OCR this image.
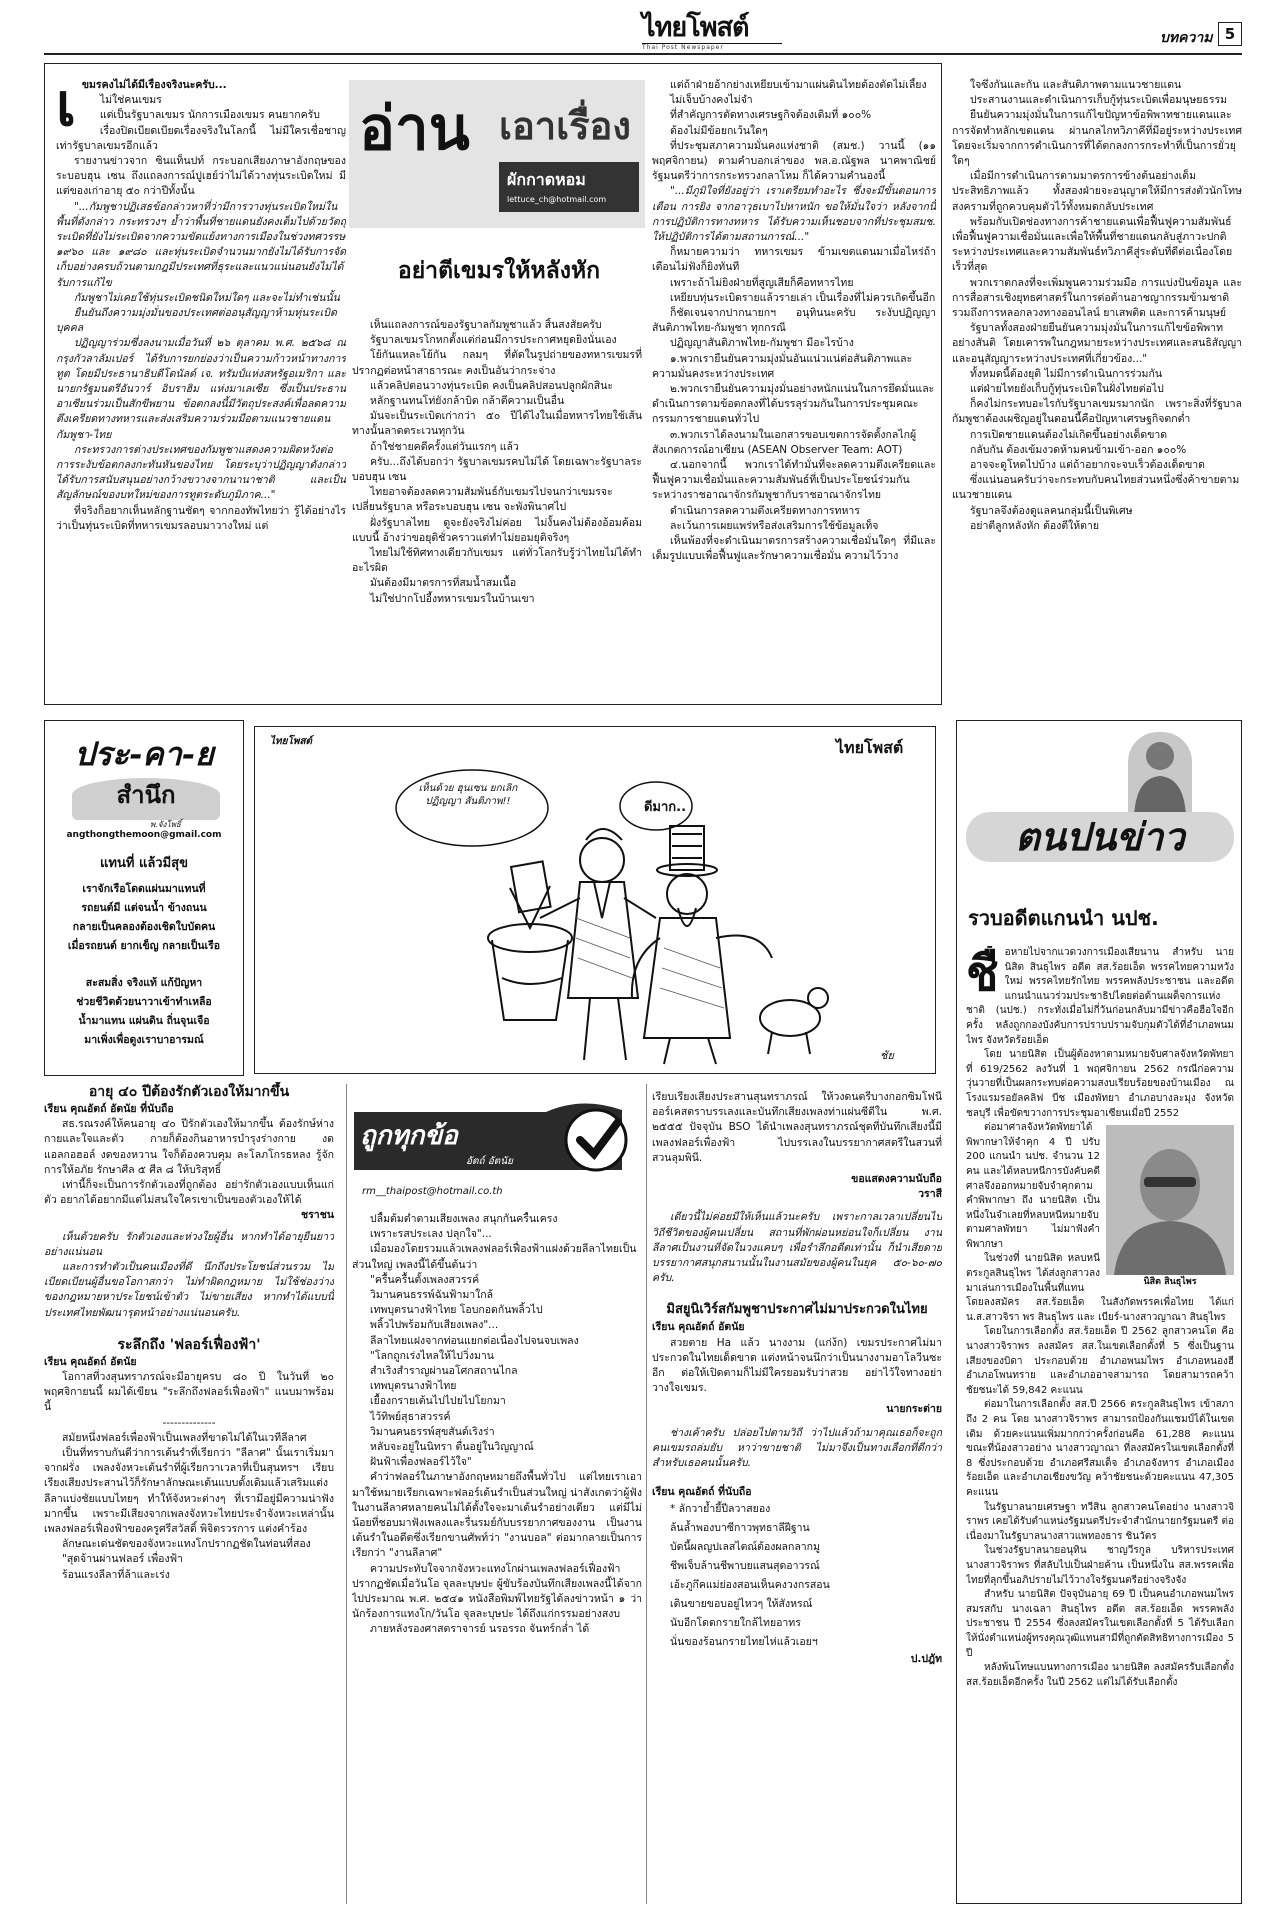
ไทยโพสต์
Thai Post Newspaper
บทความ 5
เ ขมรคงไม่ได้มีเรื่องจริงนะครับ...

ไม่ใช่คนเขมร

แต่เป็นรัฐบาลเขมร นักการเมืองเขมร คนยากครับ

เรื่องปิดเบียดเบียดเรื่องจริงในโลกนี้ ไม่มีใครเชื่อชาญเท่ารัฐบาลเขมรอีกแล้ว

รายงานข่าวจาก ซินแท็นปท์ กระบอกเสียงภาษาอังกฤษของระบอบฮุน เซน ถึงแถลงการณ์ปูเฮย์ว่าไม่ได้วางทุ่นระเบิดใหม่ มีแต่ของเก่าอายุ ๕๐ กว่าปีทั้งนั้น

"...กัมพูชาปฏิเสธข้อกล่าวหาที่ว่ามีการวางทุ่นระเบิดใหม่ในพื้นที่ดังกล่าว กระทรวงฯ ย้ำว่าพื้นที่ชายแดนยังคงเต็มไปด้วยวัตถุระเบิดที่ยังไม่ระเบิดจากความขัดแย้งทางการเมืองในช่วงทศวรรษ ๑๙๖๐ และ ๑๙๘๐ และทุ่นระเบิดจำนวนมากยังไม่ได้รับการจัดเก็บอย่างครบถ้วนตามกฎมีประเทศที่ธุระและแนวแน่นอนยังไม่ได้รับการแก้ไข

กัมพูชาไม่เคยใช้ทุ่นระเบิดชนิดใหม่ใดๆ และจะไม่ทำเช่นนั้น

ยืนยันถึงความมุ่งมั่นของประเทศต่ออนุสัญญาห้ามทุ่นระเบิดบุคคล

ปฏิญญาร่วมซึ่งลงนามเมื่อวันที่ ๒๖ ตุลาคม พ.ศ. ๒๕๖๘ ณ กรุงกัวลาลัมเปอร์ ได้รับการยกย่องว่าเป็นความก้าวหน้าทางการทูต โดยมีประธานาธิบดีโดนัลด์ เจ. ทรัมป์แห่งสหรัฐอเมริกา และนายกรัฐมนตรีอันวาร์ อิบราฮิม แห่งมาเลเซีย ซึ่งเป็นประธานอาเซียนร่วมเป็นสักขีพยาน ข้อตกลงนี้มีวัตถุประสงค์เพื่อลดความตึงเครียดทางทหารและส่งเสริมความร่วมมือตามแนวชายแดนกัมพูชา-ไทย

กระทรวงการต่างประเทศของกัมพูชาแสดงความผิดหวังต่อการระงับข้อตกลงกะทันหันของไทย โดยระบุว่าปฏิญญาดังกล่าวได้รับการสนับสนุนอย่างกว้างขวางจากนานาชาติ และเป็นสัญลักษณ์ของบทใหม่ของการทูตระดับภูมิภาค..."

ที่จริงก็อยากเห็นหลักฐานชัดๆ จากกองทัพไทยว่า รู้ได้อย่างไรว่าเป็นทุ่นระเบิดที่ทหารเขมรลอบมาวางใหม่ แต่

อ่าน เอาเรื่อง
ผักกาดหอม
lettuce_ch@hotmail.com
อย่าตีเขมรให้หลังหัก

เห็นแถลงการณ์ของรัฐบาลกัมพูชาแล้ว สิ้นสงสัยครับ

รัฐบาลเขมรโกหกตั้งแต่ก่อนมีการประกาศหยุดยิงนั่นเอง

โย้กันแหละโย้กัน กลมๆ ที่ตัดในรูปถ่ายของทหารเขมรที่ปรากฏต่อหน้าสาธารณะ คงเป็นอันว่ากระจ่าง

แล้วคลิปตอนวางทุ่นระเบิด คงเป็นคลิปสอนปลูกผักสินะ

หลักฐานทนโท่ยังกล้าบิด กล้าตีความเป็นอื่น

มันจะเป็นระเบิดเก่ากว่า ๕๐ ปีได้ไงในเมื่อทหารไทยใช้เส้นทางนั้นลาดตระเวนทุกวัน

ถ้าใช่ชายคดีครั้งแต่วันแรกๆ แล้ว

ครับ...ถึงได้บอกว่า รัฐบาลเขมรคบไม่ได้ โดยเฉพาะรัฐบาลระบอบฮุน เซน

ไทยอาจต้องลดความสัมพันธ์กับเขมรไปจนกว่าเขมรจะเปลี่ยนรัฐบาล หรือระบอบฮุน เซน จะพังพินาศไป

ฝั่งรัฐบาลไทย ดูจะยังจริงไม่ค่อย ไม่งั้นคงไม่ต้องอ้อมค้อมแบบนี้ อ้างว่าขอยุติชั่วคราวแต่ทำไม่ยอมยุติจริงๆ

ไทยไม่ใช้ทิศทางเดียวกับเขมร แต่ทั่วโลกรับรู้ว่าไทยไม่ได้ทำอะไรผิด

มันต้องมีมาตรการที่สมน้ำสมเนื้อ

ไม่ใช่ปากโปอี้งทหารเขมรในบ้านเขา

แต่ถ้าฝ่ายอ้ากย่างเหยียบเข้ามาแผ่นดินไทยต้องตัดไม่เลี้ยง

ไม่เจ็บบ้างคงไม่จำ

ที่สำคัญการตัดทางเศรษฐกิจต้องเดิมที่ ๑๐๐%

ต้องไม่มีข้อยกเว้นใดๆ

ที่ประชุมสภาความมั่นคงแห่งชาติ (สมช.) วานนี้ (๑๑ พฤศจิกายน) ตามคำบอกเล่าของ พล.อ.ณัฐพล นาคพาณิชย์ รัฐมนตรีว่าการกระทรวงกลาโหม ก็ได้ความคำนองนี้

"...มีภูมิใจที่ยังอยู่ว่า เราเตรียมทำอะไร ซึ่งจะมีขั้นตอนการเตือน การยิง จากอาวุธเบาไปหาหนัก ขอให้มั่นใจว่า หลังจากนี้การปฏิบัติการทางทหาร ได้รับความเห็นชอบจากที่ประชุมสมช. ให้ปฏิบัติการได้ตามสถานการณ์..."

ก็หมายความว่า ทหารเขมร ข้ามเขตแดนมาเมื่อไหร่ถ้าเตือนไม่ฟังก็ยิงทันที

เพราะถ้าไม่ยิงฝ่ายที่สูญเสียก็คือทหารไทย

เหยียบทุ่นระเบิดรายแล้วรายเล่า เป็นเรื่องที่ไม่ควรเกิดขึ้นอีก

ก็ชัดเจนจากปากนายกฯ อนุทินนะครับ ระงับปฏิญญาสันติภาพไทย-กัมพูชา ทุกกรณี

ปฏิญญาสันติภาพไทย-กัมพูชา มีอะไรบ้าง

๑.พวกเรายืนยันความมุ่งมั่นอันแน่วแน่ต่อสันติภาพและความมั่นคงระหว่างประเทศ

๒.พวกเรายืนยันความมุ่งมั่นอย่างหนักแน่นในการยึดมั่นและดำเนินการตามข้อตกลงที่ได้บรรลุร่วมกันในการประชุมคณะกรรมการชายแดนทั่วไป

๓.พวกเราได้ลงนามในเอกสารขอบเขตการจัดตั้งกลไกผู้สังเกตการณ์อาเซียน (ASEAN Observer Team: AOT)

๔.นอกจากนี้ พวกเราได้ทำมั่นที่จะลดความตึงเครียดและฟื้นฟูความเชื่อมั่นและความสัมพันธ์ที่เป็นประโยชน์ร่วมกันระหว่างราชอาณาจักรกัมพูชากับราชอาณาจักรไทย

ดำเนินการลดความตึงเครียดทางการทหาร

ละเว้นการเผยแพร่หรือส่งเสริมการใช้ข้อมูลเท็จ

เห็นพ้องที่จะดำเนินมาตรการสร้างความเชื่อมั่นใดๆ ที่มีและเต็มรูปแบบเพื่อฟื้นฟูและรักษาความเชื่อมั่น ความไว้วาง

ใจซึ่งกันและกัน และสันติภาพตามแนวชายแดน

ประสานงานและดำเนินการเก็บกู้ทุ่นระเบิดเพื่อมนุษยธรรม

ยืนยันความมุ่งมั่นในการแก้ไขปัญหาข้อพิพาทชายแดนและการจัดทำหลักเขตแดน ผ่านกลไกทวิภาคีที่มีอยู่ระหว่างประเทศ โดยจะเริ่มจากการดำเนินการที่ได้ตกลงการกระทำที่เป็นการยั่วยุใดๆ

เมื่อมีการดำเนินการตามมาตรการข้างต้นอย่างเต็มประสิทธิภาพแล้ว ทั้งสองฝ่ายจะอนุญาตให้มีการส่งตัวนักโทษสงครามที่ถูกควบคุมตัวไว้ทั้งหมดกลับประเทศ

พร้อมกับเปิดช่องทางการค้าชายแดนเพื่อฟื้นฟูความสัมพันธ์ เพื่อฟื้นฟูความเชื่อมั่นและเพื่อให้พื้นที่ชายแดนกลับสู่ภาวะปกติระหว่างประเทศและความสัมพันธ์ทวิภาคีสู่ระดับที่ดีต่อเนื่องโดยเร็วที่สุด

พวกเราตกลงที่จะเพิ่มพูนความร่วมมือ การแบ่งปันข้อมูล และการสื่อสารเชิงยุทธศาสตร์ในการต่อต้านอาชญากรรมข้ามชาติ รวมถึงการหลอกลวงทางออนไลน์ ยาเสพติด และการค้ามนุษย์

รัฐบาลทั้งสองฝ่ายยืนยันความมุ่งมั่นในการแก้ไขข้อพิพาทอย่างสันติ โดยเคารพในกฎหมายระหว่างประเทศและสนธิสัญญาและอนุสัญญาระหว่างประเทศที่เกี่ยวข้อง..."

ทั้งหมดนี้ต้องยุติ ไม่มีการดำเนินการร่วมกัน

แต่ฝ่ายไทยยังเก็บกู้ทุ่นระเบิดในฝั่งไทยต่อไป

ก็คงไม่กระทบอะไรกับรัฐบาลเขมรมากนัก เพราะสิ่งที่รัฐบาลกัมพูชาต้องเผชิญอยู่ในตอนนี้คือปัญหาเศรษฐกิจตกต่ำ

การเปิดชายแดนต้องไม่เกิดขึ้นอย่างเด็ดขาด

กลับกัน ต้องเข้มงวดห้ามคนข้ามเข้า-ออก ๑๐๐%

อาจจะดูโหดไปบ้าง แต่ถ้าอยากจะจบเร็วต้องเด็ดขาด

ซึ่งแน่นอนครับว่าจะกระทบกับคนไทยส่วนหนึ่งซึ่งค้าขายตามแนวชายแดน

รัฐบาลจึงต้องดูแลคนกลุ่มนี้เป็นพิเศษ

อย่าตีลูกหลังหัก ต้องตีให้ตาย

ประ-คา-ย
สำนึก
พ.จังโพธิ์
angthongthemoon@gmail.com
แทนที่ แล้วมีสุข
เราจักเรือโดดแผ่นมาแทนที่
รถยนต์มี แต่จนน้ำ ข้างถนน
กลายเป็นคลองต้องเชิดใบบัดคน
เมื่อรถยนต์ ยากเข็ญ กลายเป็นเรือ
สะสมสิ่ง จริงแท้ แก้ปัญหา
ช่วยชีวิตด้วยนาวาเข้าทำเหลือ
น้ำมาแทน แผ่นดิน ถิ่นจุนเจือ
มาเพิ่งเพื่อดูงเราบาอารมณ์
ไทยโพสต์	ไทยโพสต์
เห็นด้วย ฮุนเซน ยกเลิกปฏิญญา สันติภาพ!!	ดีมาก..
ชัย
ตนปนข่าว
รวบอดีตแกนนำ นปช.
ชื่ อหายไปจากแวดวงการเมืองเสียนาน สำหรับ นาย นิสิต สินธุไพร อดีต สส.ร้อยเอ็ด พรรคไทยความหวังใหม่ พรรคไทยรักไทย พรรคพลังประชาชน และอดีตแกนนำแนวร่วมประชาธิปไตยต่อต้านเผด็จการแห่งชาติ (นปช.) กระทั่งเมื่อไม่กี่วันก่อนกลับมามีข่าวคือฮือใจอีกครั้ง หลังถูกกองบังคับการปราบปรามจับกุมตัวได้ที่อำเภอพนมไพร จังหวัดร้อยเอ็ด

โดย นายนิสิต เป็นผู้ต้องหาตามหมายจับศาลจังหวัดพัทยา ที่ 619/2562 ลงวันที่ 1 พฤศจิกายน 2562 กรณีก่อความวุ่นวายที่เป็นผลกระทบต่อความสงบเรียบร้อยของบ้านเมือง ณ โรงแรมรอยัลคลิฟ บีช เมืองพัทยา อำเภอบางละมุง จังหวัดชลบุรี เพื่อขัดขวางการประชุมอาเซียนเมื่อปี 2552

นิสิต สินธุไพร

ต่อมาศาลจังหวัดพัทยาได้พิพากษาให้จำคุก 4 ปี ปรับ 200 แกนนำ นปช. จำนวน 12 คน และได้หลบหนีการบังคับคดี ศาลจึงออกหมายจับจำคุกตามคำพิพากษา ถึง นายนิสิต เป็นหนึ่งในจำเลยที่หลบหนีหมายจับตามศาลพัทยา ไม่มาฟังคำพิพากษา

ในช่วงที่ นายนิสิต หลบหนี ตระกูลสินธุไพร ได้ส่งลูกสาวลงมาเล่นการเมืองในพื้นที่แทน โดยลงสมัคร สส.ร้อยเอ็ด ในสังกัดพรรคเพื่อไทย ได้แก่ น.ส.สาวจิรา พร สินธุไพร และ เบียร์-นางสาวญาณา สินธุไพร

โดยในการเลือกตั้ง สส.ร้อยเอ็ด ปี 2562 ลูกสาวคนโต คือ นางสาวจิราพร ลงสมัคร สส.ในเขตเลือกตั้งที่ 5 ซึ่งเป็นฐานเสียงของบิดา ประกอบด้วย อำเภอพนมไพร อำเภอหนองฮี อำเภอโพนทราย และอำเภออาจสามารถ โดยสามารถคว้าชัยชนะได้ 59,842 คะแนน

ต่อมาในการเลือกตั้ง สส.ปี 2566 ตระกูลสินธุไพร เข้าสภาถึง 2 คน โดย นางสาวจิราพร สามารถป้องกันแชมป์ได้ในเขตเดิม ด้วยคะแนนเพิ่มมากกว่าครั้งก่อนคือ 61,288 คะแนน ขณะที่น้องสาวอย่าง นางสาวญาณา ที่ลงสมัครในเขตเลือกตั้งที่ 8 ซึ่งประกอบด้วย อำเภอศรีสมเด็จ อำเภอจังหาร อำเภอเมืองร้อยเอ็ด และอำเภอเชียงขวัญ คว้าชัยชนะด้วยคะแนน 47,305 คะแนน

ในรัฐบาลนายเศรษฐา ทวีสิน ลูกสาวคนโตอย่าง นางสาวจิราพร เคยได้รับตำแหน่งรัฐมนตรีประจำสำนักนายกรัฐมนตรี ต่อเนื่องมาในรัฐบาลนางสาวแพทองธาร ชินวัตร

ในช่วงรัฐบาลนายอนุทิน ชาญวีรกูล บริหารประเทศ นางสาวจิราพร ที่สลับไปเป็นฝ่ายค้าน เป็นหนึ่งใน สส.พรรคเพื่อไทยที่ลุกขึ้นอภิปรายไม่ไว้วางใจรัฐมนตรีอย่างจริงจัง

สำหรับ นายนิสิต ปัจจุบันอายุ 69 ปี เป็นคนอำเภอพนมไพร สมรสกับ นางเฉลา สินธุไพร อดีต สส.ร้อยเอ็ด พรรคพลังประชาชน ปี 2554 ซึ่งลงสมัครในเขตเลือกตั้งที่ 5 ได้รับเลือกให้นั่งตำแหน่งผู้ทรงคุณวุฒิแทนสามีที่ถูกตัดสิทธิทางการเมือง 5 ปี

หลังพ้นโทษแบนทางการเมือง นายนิสิต ลงสมัครรับเลือกตั้ง สส.ร้อยเอ็ดอีกครั้ง ในปี 2562 แต่ไม่ได้รับเลือกตั้ง

อายุ ๔๐ ปีต้องรักตัวเองให้มากขึ้น
เรียน คุณอัตถ์ อัตนัย ที่นับถือ

สธ.รณรงค์ให้คนอายุ ๔๐ ปีรักตัวเองให้มากขึ้น ต้องรักษ์ห่างกายและใจและตัว กายก็ต้องกินอาหารบำรุงร่างกาย งดแอลกอฮอล์ งดของหวาน ใจก็ต้องควบคุม ละโลภโกรธหลง รู้จักการให้อภัย รักษาศีล ๕ ศีล ๘ ให้บริสุทธิ์

เท่านี้ก็จะเป็นการรักตัวเองที่ถูกต้อง อย่ารักตัวเองแบบเห็นแก่ตัว อยากได้อยากมีแต่ไม่สนใจใครเขาเป็นของตัวเองให้ได้

ชราชน

เห็นด้วยครับ รักตัวเองและห่วงใยผู้อื่น หากทำได้อายุยืนยาวอย่างแน่นอน

และการทำตัวเป็นคนเมืองที่ดี นึกถึงประโยชน์ส่วนรวม ไม่เบียดเบียนผู้อื่นขอโอกาสกว่า ไม่ทำผิดกฎหมาย ไม่ใช้ช่องว่างของกฎหมายหาประโยชน์เข้าตัว ไม่ขายเสียง หากทำได้แบบนี้ประเทศไทยพัฒนารุดหน้าอย่างแน่นอนครับ.

ระลึกถึง 'ฟลอร์เฟื่องฟ้า'
เรียน คุณอัตถ์ อัตนัย

โอกาสที่วงสุนทราภรณ์จะมีอายุครบ ๘๐ ปี ในวันที่ ๒๐ พฤศจิกายนนี้ ผมได้เขียน "ระลึกถึงฟลอร์เฟื่องฟ้า" แนบมาพร้อมนี้

--------------

สมัยหนึ่งฟลอร์เพื่องฟ้าเป็นเพลงที่ขาดไม่ได้ในเวทีลีลาศ

เป็นที่ทราบกันดีว่าการเต้นรำที่เรียกว่า "ลีลาศ" นั้นเราเริ่มมาจากฝรั่ง เพลงจังหวะเต้นรำที่ผู้เรียกวาเวลาที่เป็นสุนทรฯ เรียบเรียงเสียงประสานไว้ก็รักษาลักษณะเต้นแบบดั้งเดิมแล้วเสริมแต่งลีลาแบ่งชัยแบบไทยๆ ทำให้จังหวะต่างๆ ที่เรามีอยู่มีความน่าฟังมากขึ้น เพราะมีเสียงจากเพลงจังหวะไทยประจำจังหวะเหล่านั้น เพลงฟลอร์เฟื่องฟ้าของครูศรีสวัสดิ์ พิจิตรวรการ แต่งคำร้อง

ลักษณะเด่นชัดของจังหวะแทงโกปรากฏชัดในท่อนที่สอง

"สุดจ้านผ่านฟลอร์ เพื่องฟ้า

ร้อนแรงลีลาที่ล้าและเร่ง

ถูกทุกข้อ
อัตถ์ อัตนัย
rm__thaipost@hotmail.co.th

ปลื้มต้มต่ำตามเสียงเพลง สนุกกันครื้นเครง

เพราะรสประเลง ปลุกใจ"...

เมื่อมองโดยรวมแล้วเพลงฟลอร์เฟื่องฟ้าแฝงด้วยลีลาไทยเป็นส่วนใหญ่ เพลงนี้ได้ขึ้นต้นว่า

"ครื้นครื้นตั้งเพลงสวรรค์

วิมานคนธรรพ์ฉันฟ้ามาใกล้

เทพบุตรนางฟ้าไทย โอบกอดกันพลิ้วไป

พลิ้วไปพร้อมกับเสียงเพลง"...

ลีลาไทยแฝงจากท่อนแยกต่อเนื่องไปจนจบเพลง

"โลกถูกเร่งไหลให้ไปวิ่งมาน

สำเริงสำราญผ่านอโศกสถานไกล

เทพบุตรนางฟ้าไทย

เยื้องกรายเต้นไปไปยไปโยกมา

ไว้ทิพย์สุธาสวรรค์

วิมานคนธรรพ์สุขสันต์เริงร่า

หลับจะอยู่ในนิทรา ตื่นอยู่ในวิญญาณ์

ฝันฟ้าเพื่องฟลอร์ไว้ใจ"

คำว่าฟลอร์ในภาษาอังกฤษหมายถึงพื้นทั่วไป แต่ไทยเราเอามาใช้หมายเรียกเฉพาะฟลอร์เต้นรำเป็นส่วนใหญ่ น่าสังเกตว่าผู้ฟังในงานลีลาศหลายคนไม่ได้ตั้งใจจะมาเต้นรำอย่างเดียว แต่มีไม่น้อยที่ชอบมาฟังเพลงและรื่นรมย์กับบรรยากาศของงาน เป็นงานเต้นรำในอดีตซึ่งเรียกขานศัพท์ว่า "งานบอล" ต่อมากลายเป็นการเรียกว่า "งานลีลาศ"

ความประทับใจจากจังหวะแทงโกผ่านเพลงฟลอร์เฟื่องฟ้าปรากฏชัดเมื่อวันโอ จุลละบุษปะ ผู้ขับร้องบันทึกเสียงเพลงนี้ได้จากไปประมาณ พ.ศ. ๒๕๔๑ หนังสือพิมพ์ไทยรัฐได้ลงข่าวหน้า ๑ ว่า นักร้องการแทงโก/วันโอ จุลละบุษปะ ได้ถึงแก่กรรมอย่างสงบ

ภายหลังรองศาสตราจารย์ นรอรรถ จันทร์กล่ำ ได้

เรียบเรียงเสียงประสานสุนทราภรณ์ ให้วงดนตรีบางกอกซิมโฟนีออร์เคสตราบรรเลงและบันทึกเสียงเพลงท่าแผ่นซีดีใน พ.ศ. ๒๕๕๕ ปัจจุบัน BSO ได้นำเพลงสุนทราภรณ์ชุดที่บันทึกเสียงนี้มีเพลงฟลอร์เพื่องฟ้า ไปบรรเลงในบรรยากาศสตรีในสวนที่สวนลุมพินี.

ขอแสดงความนับถือ

วราสี

เดียวนี้ไม่ค่อยมีให้เห็นแล้วนะครับ เพราะกาลเวลาเปลี่ยนไป วิถีชีวิตของผู้คนเปลี่ยน สถานที่พักผ่อนหย่อนใจก็เปลี่ยน งานลีลาศเป็นงานที่จัดในวงแคบๆ เพื่อรำลึกอดีตเท่านั้น ก็นำเสียดายบรรยากาศสนุกสนานนั้นในงานสมัยของผู้คนในยุค ๕๐-๖๐-๗๐ ครับ.

มิสยูนิเวิร์สกัมพูชาประกาศไม่มาประกวดในไทย
เรียน คุณอัตถ์ อัตนัย

สวยตาย Ha แล้ว นางงาม (แก่ง้ก) เขมรประกาศไม่มาประกวดในไทยเด็ดขาด แต่งหน้าจนนึกว่าเป็นนางงามอาโลวีนซะอีก ต่อให้เปิดตามก็ไม่มีใครยอมรับว่าสวย อย่าไว้ใจทางอย่าวางใจเขมร.

นายกระต่าย

ช่างเค้าครับ ปล่อยไปตามวิถี ว่าไปแล้วถ้ามาคุณเธอก็จะถูกคนเขมรถล่มยับ หาว่าขายชาติ ไม่มาจึงเป็นทางเลือกที่ดีกว่าสำหรับเธอคนนั้นครับ.

เรียน คุณอัตถ์ ที่นับถือ
* ลักวาย้ำยี้ปีลวาสยอง
ล้นล้ำพองบาซีกาวพุทธาลีฝีฐาน
บัดนี้ผลญปเลสไตณ์ต้องผลกลากมู
ชีพเจ็บล้านชีพาบยแสนสุดอาวรณ์
เอ้ะภูกึคแม่ย่องสอนเห็นคงวงกรสอน
เดินขายขอบอยู่ไหวๆ ให้สังหรณ์
นับอีกโดดกรายใกล้ไทยอาทร
นั่นของร้อนกรายไทยไห่แล้วเอยฯ

ป.ปฎัท
